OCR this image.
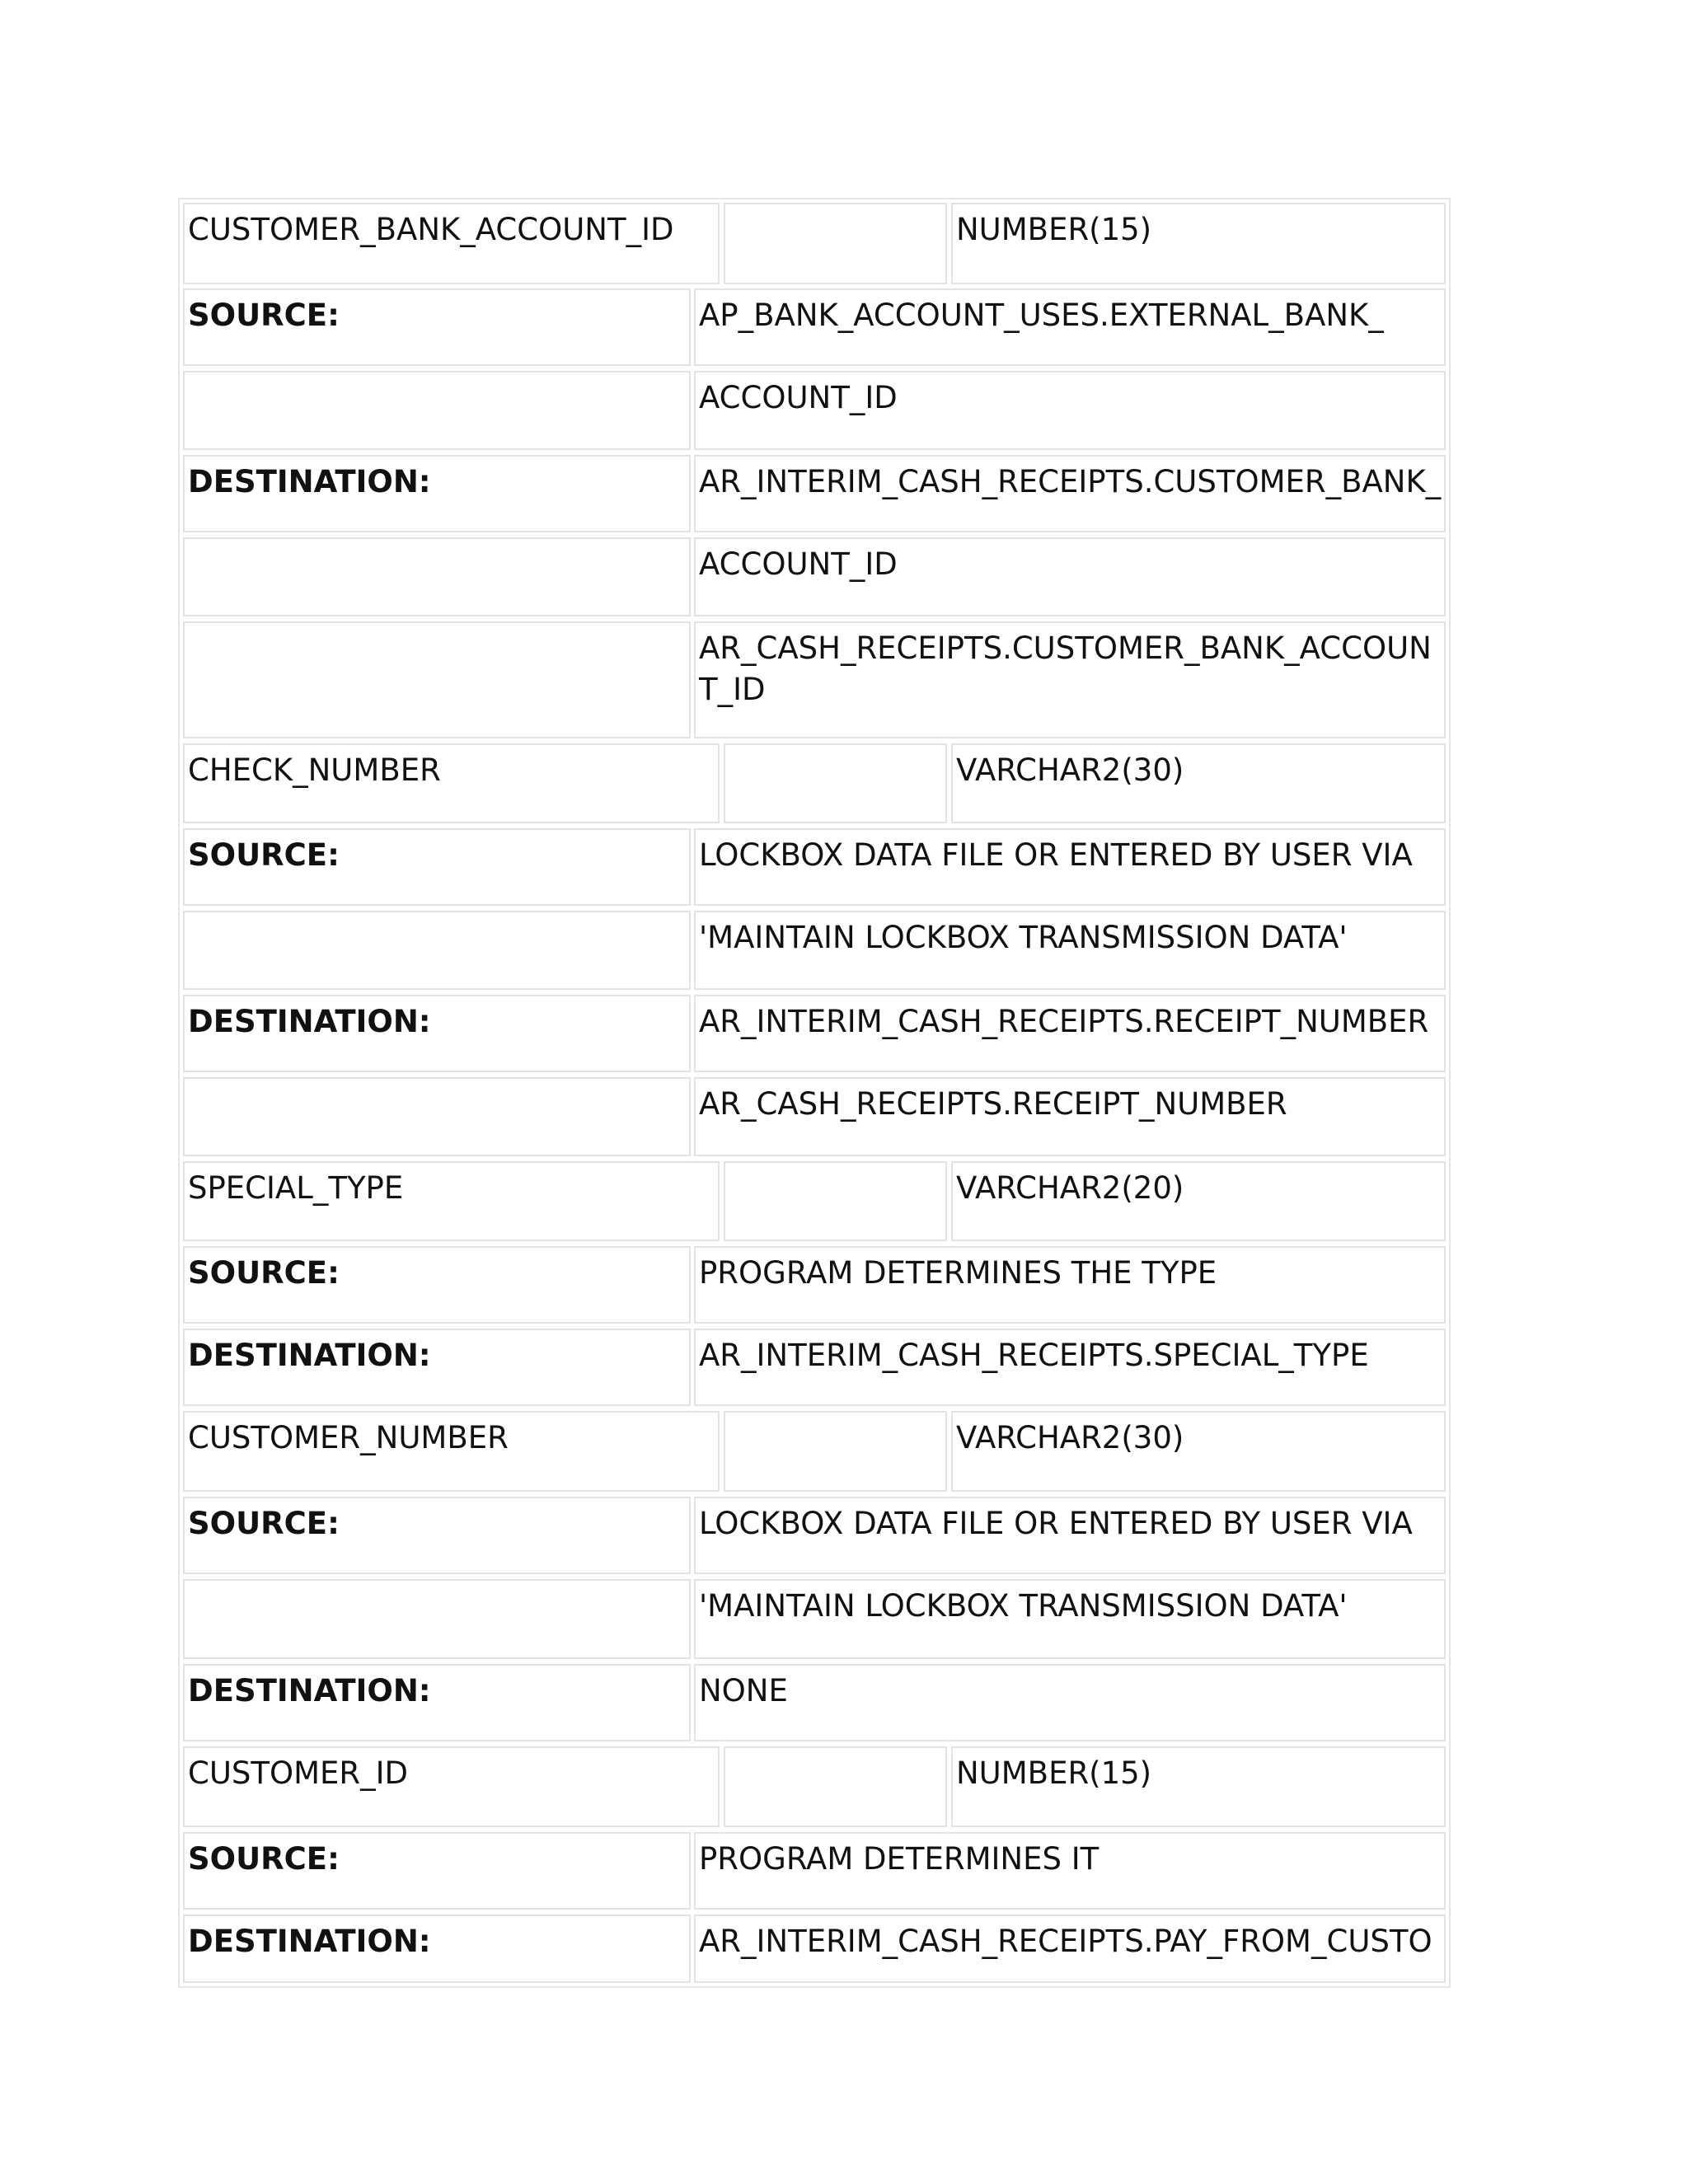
CUSTOMER_BANK_ACCOUNT_ID	NUMBER(15)
SOURCE:	AP_BANK_ACCOUNT_USES.EXTERNAL_BANK_
ACCOUNT_ID
DESTINATION:	AR_INTERIM_CASH_RECEIPTS.CUSTOMER_BANK_
ACCOUNT_ID
AR_CASH_RECEIPTS.CUSTOMER_BANK_ACCOUNT_ID
CHECK_NUMBER	VARCHAR2(30)
SOURCE:	LOCKBOX DATA FILE OR ENTERED BY USER VIA
'MAINTAIN LOCKBOX TRANSMISSION DATA'
DESTINATION:	AR_INTERIM_CASH_RECEIPTS.RECEIPT_NUMBER
AR_CASH_RECEIPTS.RECEIPT_NUMBER
SPECIAL_TYPE	VARCHAR2(20)
SOURCE:	PROGRAM DETERMINES THE TYPE
DESTINATION:	AR_INTERIM_CASH_RECEIPTS.SPECIAL_TYPE
CUSTOMER_NUMBER	VARCHAR2(30)
SOURCE:	LOCKBOX DATA FILE OR ENTERED BY USER VIA
'MAINTAIN LOCKBOX TRANSMISSION DATA'
DESTINATION:	NONE
CUSTOMER_ID	NUMBER(15)
SOURCE:	PROGRAM DETERMINES IT
DESTINATION:	AR_INTERIM_CASH_RECEIPTS.PAY_FROM_CUSTO
